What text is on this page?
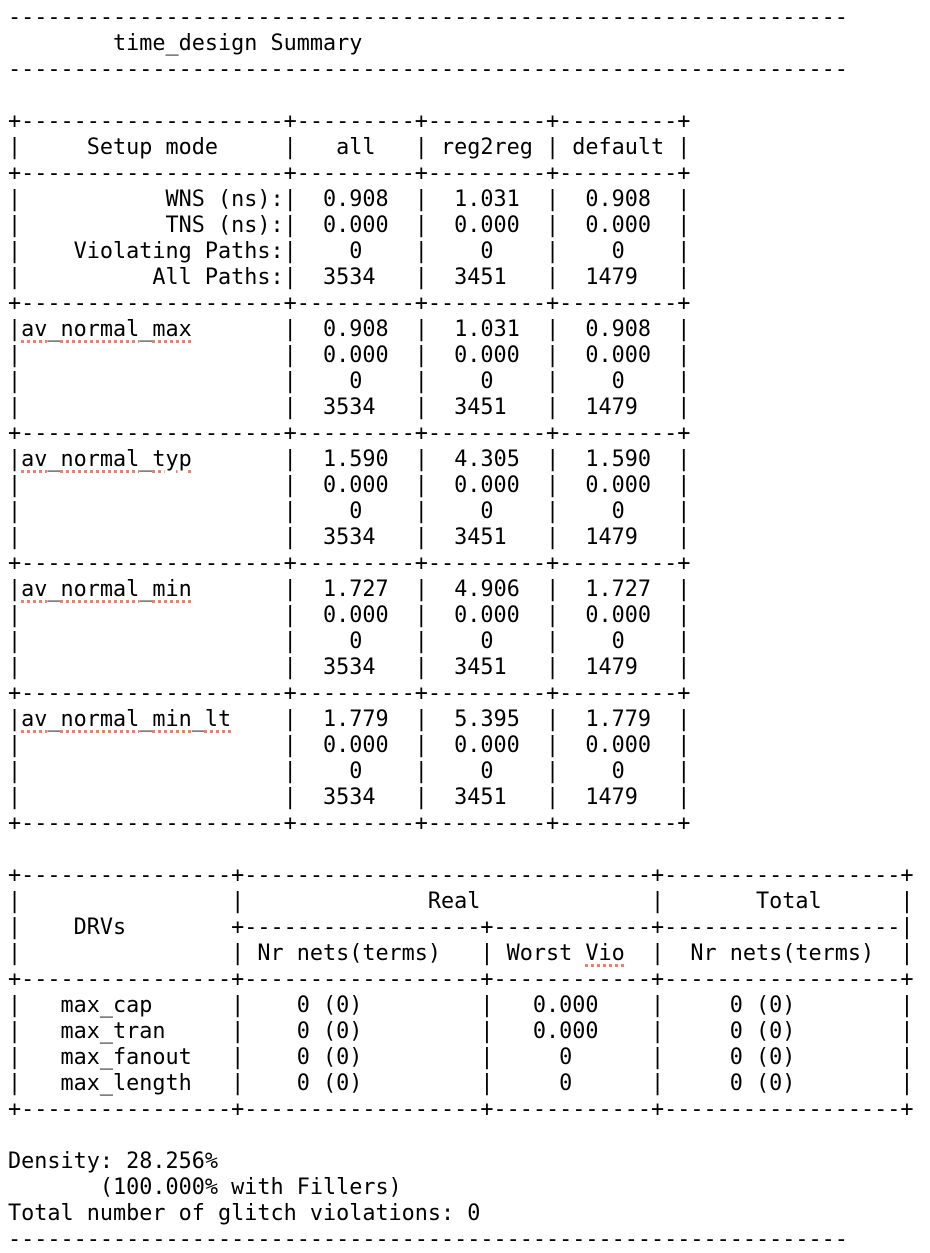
----------------------------------------------------------------
time_design Summary
----------------------------------------------------------------
+--------------------+---------+---------+---------+
|     Setup mode     |   all   | reg2reg | default |
+--------------------+---------+---------+---------+
|           WNS (ns):|  0.908  |  1.031  |  0.908  |
|           TNS (ns):|  0.000  |  0.000  |  0.000  |
|    Violating Paths:|    0    |    0    |    0    |
|          All Paths:|  3534   |  3451   |  1479   |
+--------------------+---------+---------+---------+
|av_normal_max       |  0.908  |  1.031  |  0.908  |
|                    |  0.000  |  0.000  |  0.000  |
|                    |    0    |    0    |    0    |
|                    |  3534   |  3451   |  1479   |
+--------------------+---------+---------+---------+
|av_normal_typ       |  1.590  |  4.305  |  1.590  |
|                    |  0.000  |  0.000  |  0.000  |
|                    |    0    |    0    |    0    |
|                    |  3534   |  3451   |  1479   |
+--------------------+---------+---------+---------+
|av_normal_min       |  1.727  |  4.906  |  1.727  |
|                    |  0.000  |  0.000  |  0.000  |
|                    |    0    |    0    |    0    |
|                    |  3534   |  3451   |  1479   |
+--------------------+---------+---------+---------+
|av_normal_min_lt    |  1.779  |  5.395  |  1.779  |
|                    |  0.000  |  0.000  |  0.000  |
|                    |    0    |    0    |    0    |
|                    |  3534   |  3451   |  1479   |
+--------------------+---------+---------+---------+
+----------------+-------------------------------+------------------+
|                |              Real             |       Total      |
|    DRVs        +------------------+------------+------------------|
|                | Nr nets(terms)   | Worst Vio  |  Nr nets(terms)  |
+----------------+------------------+------------+------------------+
|   max_cap      |    0 (0)         |   0.000    |     0 (0)        |
|   max_tran     |    0 (0)         |   0.000    |     0 (0)        |
|   max_fanout   |    0 (0)         |     0      |     0 (0)        |
|   max_length   |    0 (0)         |     0      |     0 (0)        |
+----------------+------------------+------------+------------------+
Density: 28.256%
(100.000% with Fillers)
Total number of glitch violations: 0
----------------------------------------------------------------
